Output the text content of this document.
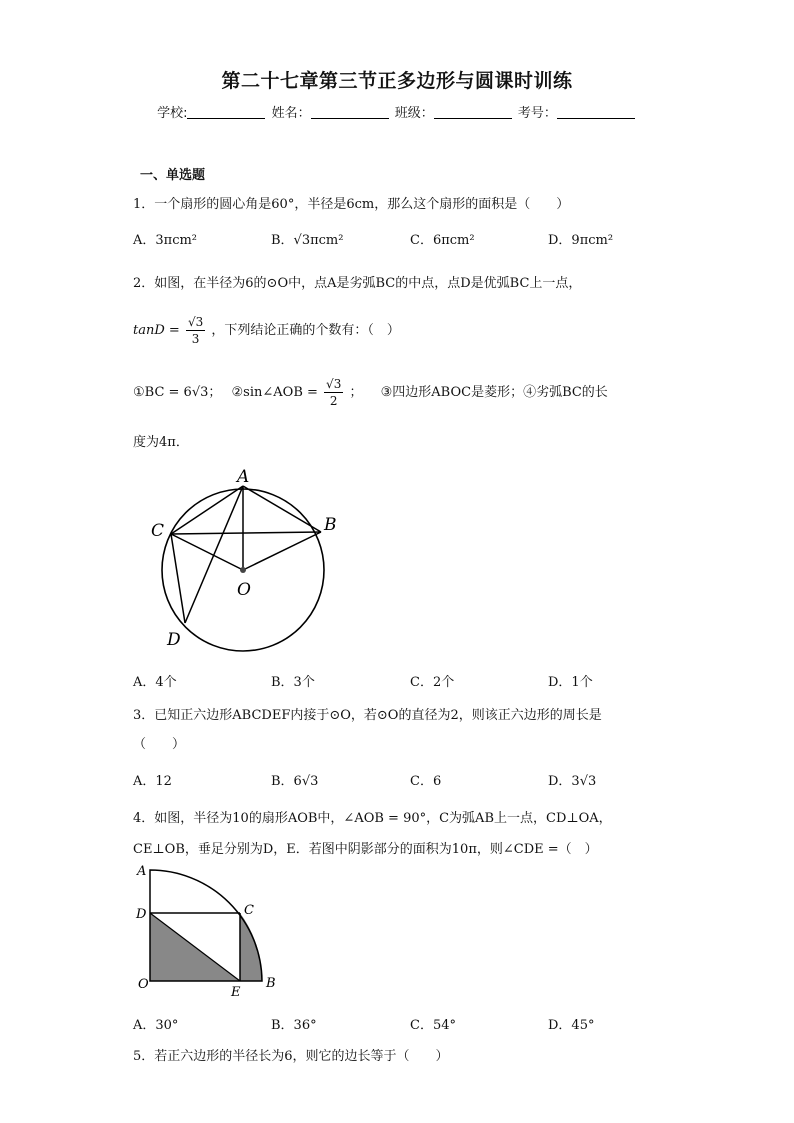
第二十七章第三节正多边形与圆课时训练
学校:	姓名：	班级：	考号：
一、单选题
1．一个扇形的圆心角是60°，半径是6cm，那么这个扇形的面积是（　　）
A．3πcm²	B．√3πcm²	C．6πcm²	D．9πcm²
2．如图，在半径为6的⊙O中，点A是劣弧BC的中点，点D是优弧BC上一点，
$\tan D = \frac{√3}{3}$ ，下列结论正确的个数有：（　）
①BC = 6√3； ②sin∠AOB = $\frac{√3}{2}$ ； ③四边形ABOC是菱形；④劣弧BC的长
度为4π．
A
B
C
O
D
A．4个	B．3个	C．2个	D．1个
3．已知正六边形ABCDEF内接于⊙O，若⊙O的直径为2，则该正六边形的周长是
（　　）
A．12	B．6√3	C．6	D．3√3
4．如图，半径为10的扇形AOB中，∠AOB = 90°，C为弧AB上一点，CD⊥OA，
CE⊥OB，垂足分别为D，E．若图中阴影部分的面积为10π，则∠CDE =（　）
A
D	C
O
E
B
A．30°	B．36°	C．54°	D．45°
5．若正六边形的半径长为6，则它的边长等于（　　）
